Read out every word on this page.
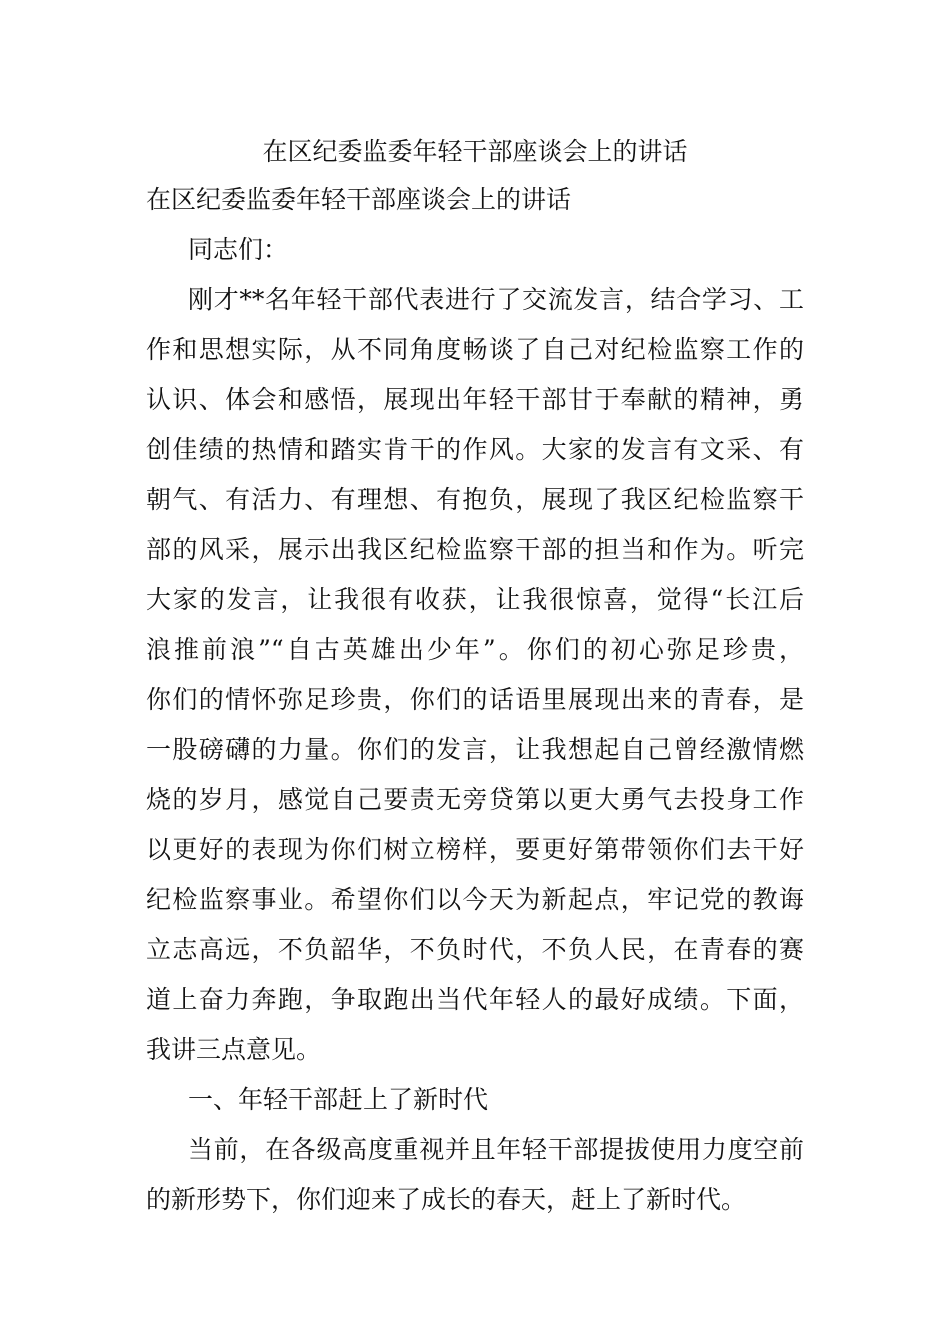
在区纪委监委年轻干部座谈会上的讲话
在区纪委监委年轻干部座谈会上的讲话
同志们：
刚才**名年轻干部代表进行了交流发言，结合学习、工
作和思想实际，从不同角度畅谈了自己对纪检监察工作的
认识、体会和感悟，展现出年轻干部甘于奉献的精神，勇
创佳绩的热情和踏实肯干的作风。大家的发言有文采、有
朝气、有活力、有理想、有抱负，展现了我区纪检监察干
部的风采，展示出我区纪检监察干部的担当和作为。听完
大家的发言，让我很有收获，让我很惊喜，觉得“长江后
浪推前浪”“自古英雄出少年”。你们的初心弥足珍贵，
你们的情怀弥足珍贵，你们的话语里展现出来的青春，是
一股磅礴的力量。你们的发言，让我想起自己曾经激情燃
烧的岁月，感觉自己要责无旁贷第以更大勇气去投身工作
以更好的表现为你们树立榜样，要更好第带领你们去干好
纪检监察事业。希望你们以今天为新起点，牢记党的教诲
立志高远，不负韶华，不负时代，不负人民，在青春的赛
道上奋力奔跑，争取跑出当代年轻人的最好成绩。下面，
我讲三点意见。
一、年轻干部赶上了新时代
当前，在各级高度重视并且年轻干部提拔使用力度空前
的新形势下，你们迎来了成长的春天，赶上了新时代。
